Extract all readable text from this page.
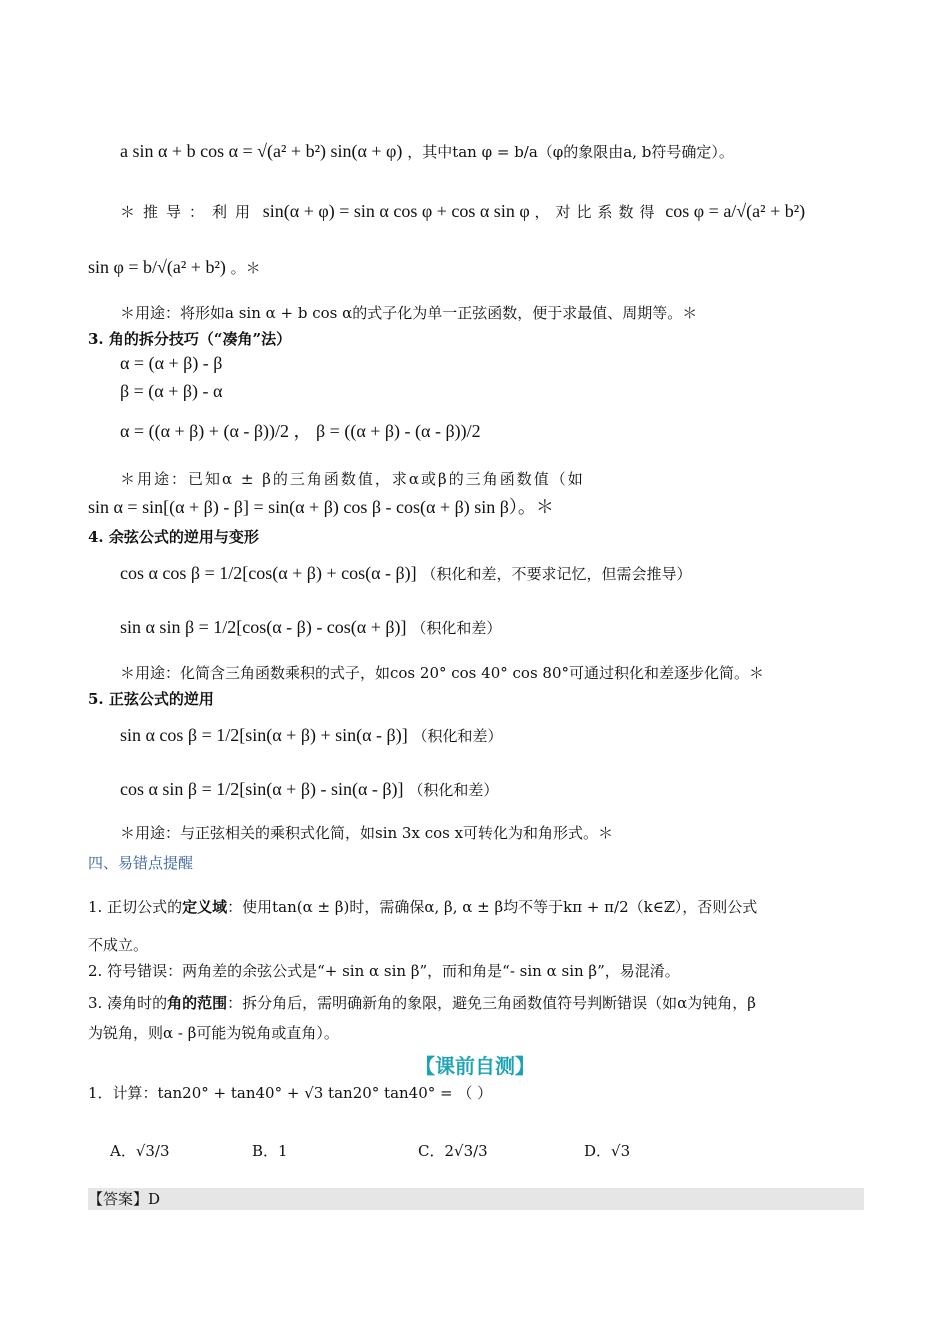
a sin α + b cos α = √(a² + b²) sin(α + φ) ，其中tan φ = b/a（φ的象限由a, b符号确定）。
＊推导：利用 sin(α + φ) = sin α cos φ + cos α sin φ ，对比系数得 cos φ = a/√(a² + b²)
sin φ = b/√(a² + b²) 。＊
＊用途：将形如a sin α + b cos α的式子化为单一正弦函数，便于求最值、周期等。＊
3. 角的拆分技巧（“凑角”法）
α = (α + β) - β
β = (α + β) - α
α = ((α + β) + (α - β))/2 ， β = ((α + β) - (α - β))/2
＊用途：已知α ± β的三角函数值，求α或β的三角函数值（如
sin α = sin[(α + β) - β] = sin(α + β) cos β - cos(α + β) sin β）。＊
4. 余弦公式的逆用与变形
cos α cos β = 1/2[cos(α + β) + cos(α - β)] （积化和差，不要求记忆，但需会推导）
sin α sin β = 1/2[cos(α - β) - cos(α + β)] （积化和差）
＊用途：化简含三角函数乘积的式子，如cos 20° cos 40° cos 80°可通过积化和差逐步化简。＊
5. 正弦公式的逆用
sin α cos β = 1/2[sin(α + β) + sin(α - β)] （积化和差）
cos α sin β = 1/2[sin(α + β) - sin(α - β)] （积化和差）
＊用途：与正弦相关的乘积式化简，如sin 3x cos x可转化为和角形式。＊
四、易错点提醒
1. 正切公式的定义域：使用tan(α ± β)时，需确保α, β, α ± β均不等于kπ + π/2（k∈ℤ），否则公式
不成立。
2. 符号错误：两角差的余弦公式是“+ sin α sin β”，而和角是“- sin α sin β”，易混淆。
3. 凑角时的角的范围：拆分角后，需明确新角的象限，避免三角函数值符号判断错误（如α为钝角，β
为锐角，则α - β可能为锐角或直角）。
【课前自测】
1．计算：tan20° + tan40° + √3 tan20° tan40° = （ ）
A．√3/3	B．1	C．2√3/3	D．√3
【答案】D
